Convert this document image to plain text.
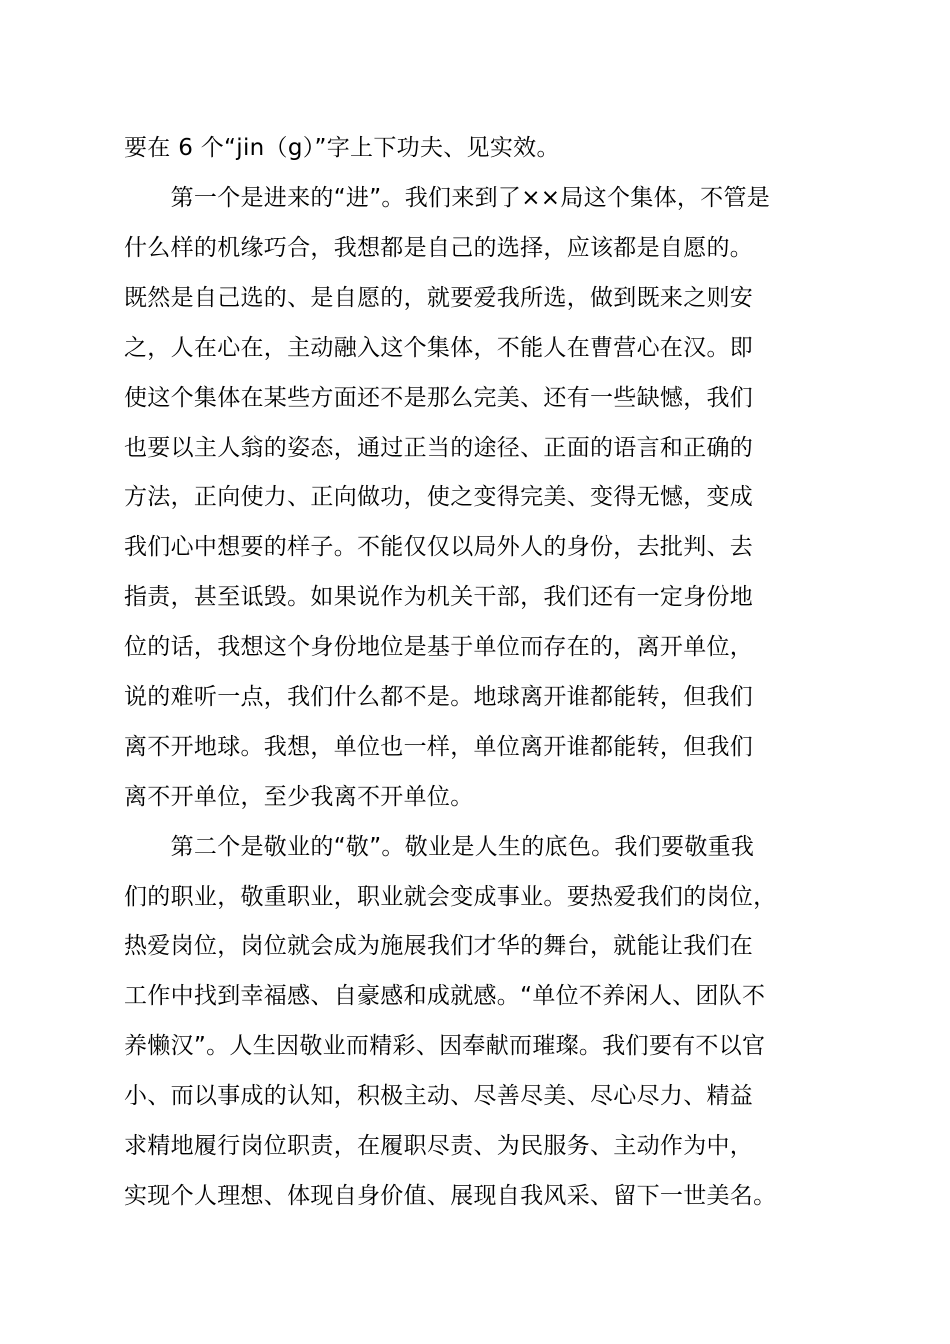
要在 6 个“jin（g）”字上下功夫、见实效。
　　第一个是进来的“进”。我们来到了××局这个集体，不管是
什么样的机缘巧合，我想都是自己的选择，应该都是自愿的。
既然是自己选的、是自愿的，就要爱我所选，做到既来之则安
之，人在心在，主动融入这个集体，不能人在曹营心在汉。即
使这个集体在某些方面还不是那么完美、还有一些缺憾，我们
也要以主人翁的姿态，通过正当的途径、正面的语言和正确的
方法，正向使力、正向做功，使之变得完美、变得无憾，变成
我们心中想要的样子。不能仅仅以局外人的身份，去批判、去
指责，甚至诋毁。如果说作为机关干部，我们还有一定身份地
位的话，我想这个身份地位是基于单位而存在的，离开单位，
说的难听一点，我们什么都不是。地球离开谁都能转，但我们
离不开地球。我想，单位也一样，单位离开谁都能转，但我们
离不开单位，至少我离不开单位。
　　第二个是敬业的“敬”。敬业是人生的底色。我们要敬重我
们的职业，敬重职业，职业就会变成事业。要热爱我们的岗位，
热爱岗位，岗位就会成为施展我们才华的舞台，就能让我们在
工作中找到幸福感、自豪感和成就感。“单位不养闲人、团队不
养懒汉”。人生因敬业而精彩、因奉献而璀璨。我们要有不以官
小、而以事成的认知，积极主动、尽善尽美、尽心尽力、精益
求精地履行岗位职责，在履职尽责、为民服务、主动作为中，
实现个人理想、体现自身价值、展现自我风采、留下一世美名。
